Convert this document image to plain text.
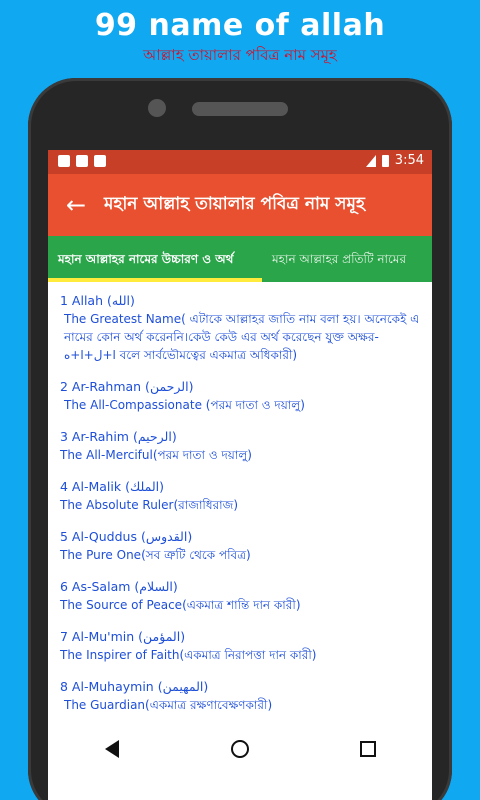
99 name of allah
আল্লাহ তায়ালার পবিত্র নাম সমূহ
3:54
←	মহান আল্লাহ তায়ালার পবিত্র নাম সমূহ
মহান আল্লাহর নামের উচ্চারণ ও অর্থ	মহান আল্লাহর প্রতিটি নামের
1 Allah (الله)
The Greatest Name( এটাকে আল্লাহর জাতি নাম বলা হয়। অনেকেই এ নামের কোন অর্থ করেননি।কেউ কেউ এর অর্থ করেছেন যুক্ত অক্ষর-ا+ل+ا+ه বলে সার্বভৌমত্বের একমাত্র অধিকারী)
2 Ar-Rahman (الرحمن)
The All-Compassionate (পরম দাতা ও দয়ালু)
3 Ar-Rahim (الرحيم)
The All-Merciful(পরম দাতা ও দয়ালু)
4 Al-Malik (الملك)
The Absolute Ruler(রাজাধিরাজ)
5 Al-Quddus (القدوس)
The Pure One(সব ত্রুটি থেকে পবিত্র)
6 As-Salam (السلام)
The Source of Peace(একমাত্র শান্তি দান কারী)
7 Al-Mu'min (المؤمن)
The Inspirer of Faith(একমাত্র নিরাপত্তা দান কারী)
8 Al-Muhaymin (المهيمن)
The Guardian(একমাত্র রক্ষণাবেক্ষণকারী)
